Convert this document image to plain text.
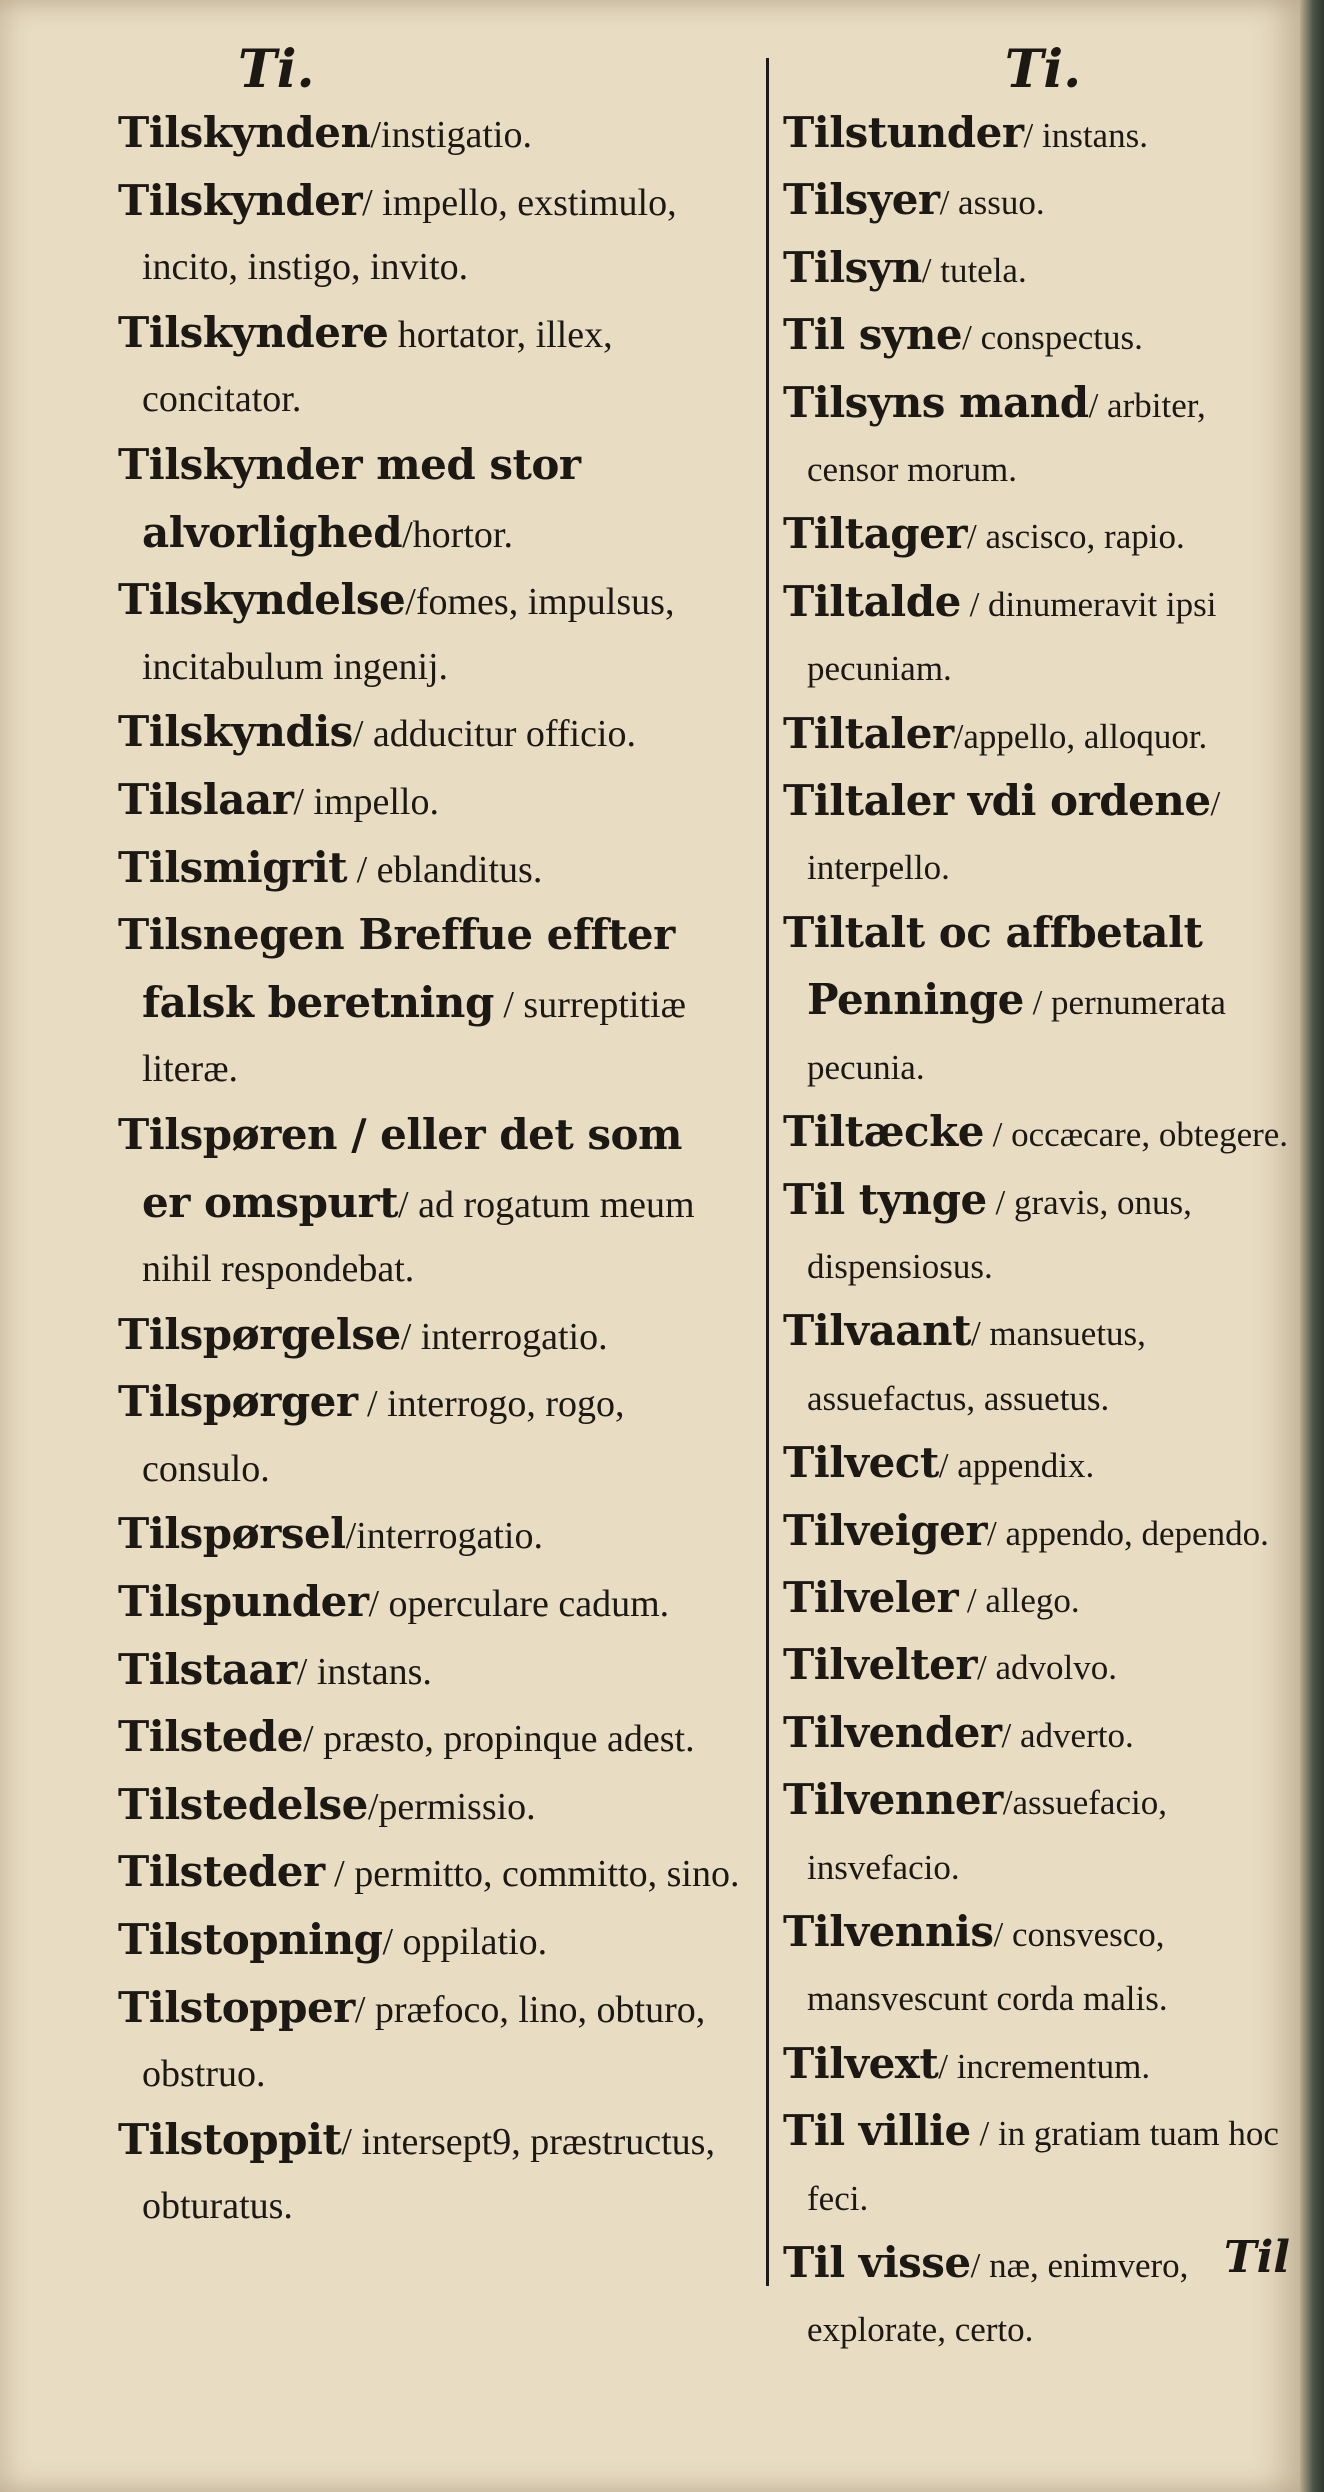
Ti.

Tilskynden/instigatio.

Tilskynder/ impello, exstimulo, incito, instigo, invito.

Tilskyndere hortator, illex, concitator.

Tilskynder med stor alvorlighed/hortor.

Tilskyndelse/fomes, impulsus, incitabulum ingenij.

Tilskyndis/ adducitur officio.

Tilslaar/ impello.

Tilsmigrit / eblanditus.

Tilsnegen Breffue effter falsk beretning / surreptitiæ literæ.

Tilspøren / eller det som er omspurt/ ad rogatum meum nihil respondebat.

Tilspørgelse/ interrogatio.

Tilspørger / interrogo, rogo, consulo.

Tilspørsel/interrogatio.

Tilspunder/ operculare cadum.

Tilstaar/ instans.

Tilstede/ præsto, propinque adest.

Tilstedelse/permissio.

Tilsteder / permitto, committo, sino.

Tilstopning/ oppilatio.

Tilstopper/ præfoco, lino, obturo, obstruo.

Tilstoppit/ intersept9, præstructus, obturatus.

Ti.

Tilstunder/ instans.

Tilsyer/ assuo.

Tilsyn/ tutela.

Til syne/ conspectus.

Tilsyns mand/ arbiter, censor morum.

Tiltager/ ascisco, rapio.

Tiltalde / dinumeravit ipsi pecuniam.

Tiltaler/appello, alloquor.

Tiltaler vdi ordene/ interpello.

Tiltalt oc affbetalt Penninge / pernumerata pecunia.

Tiltæcke / occæcare, obtegere.

Til tynge / gravis, onus, dispensiosus.

Tilvaant/ mansuetus, assuefactus, assuetus.

Tilvect/ appendix.

Tilveiger/ appendo, dependo.

Tilveler / allego.

Tilvelter/ advolvo.

Tilvender/ adverto.

Tilvenner/assuefacio, insvefacio.

Tilvennis/ consvesco, mansvescunt corda malis.

Tilvext/ incrementum.

Til villie / in gratiam tuam hoc feci.

Til visse/ næ, enimvero, explorate, certo.

Til
